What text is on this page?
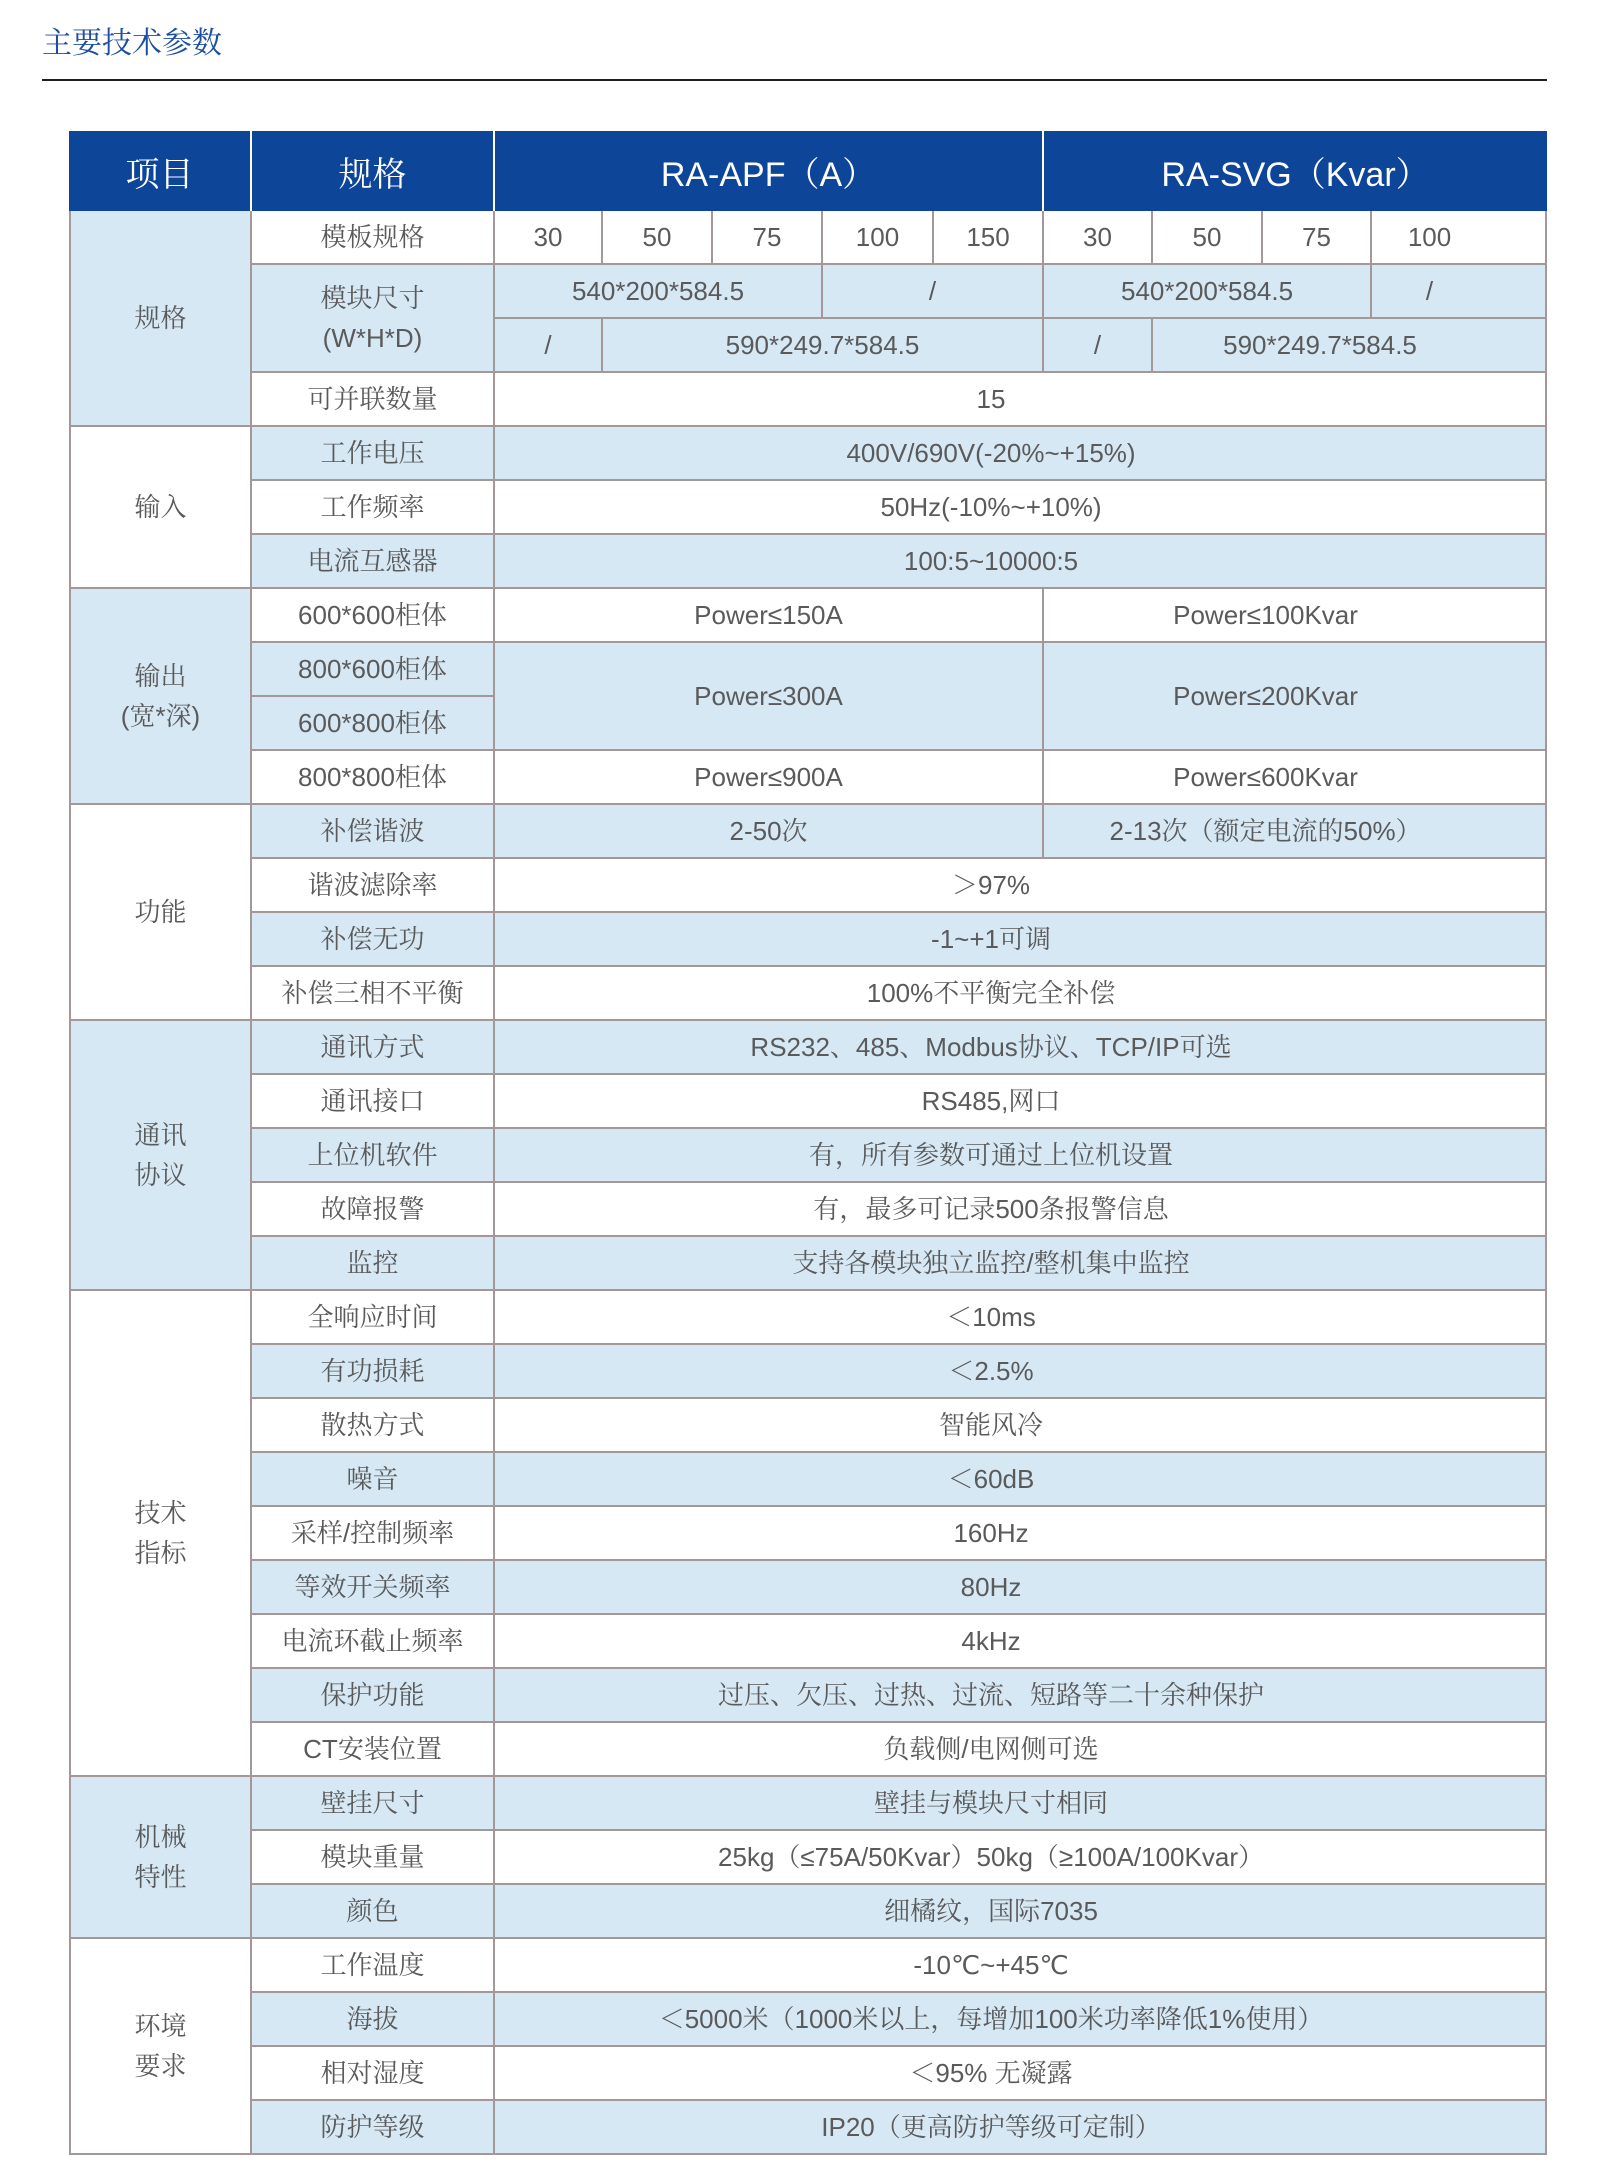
主要技术参数
项目	规格	RA-APF（A）					RA-SVG（Kvar）			

规格	模板规格	30	50	75	100	150	30	50	75	100

	模块尺寸
(W*H*D)	540*200*584.5			/		540*200*584.5			/
		/	590*249.7*584.5				/	590*249.7*584.5		
	可并联数量	15								

输入	工作电压	400V/690V(-20%~+15%)								
	工作频率	50Hz(-10%~+10%)								
	电流互感器	100:5~10000:5								

输出
(宽*深)	600*600柜体	Power≤150A					Power≤100Kvar			
	800*600柜体	Power≤300A					Power≤200Kvar			
	600*800柜体									
	800*800柜体	Power≤900A					Power≤600Kvar			

功能	补偿谐波	2-50次					2-13次（额定电流的50%）			
	谐波滤除率	＞97%								
	补偿无功	-1~+1可调								
	补偿三相不平衡	100%不平衡完全补偿								

通讯
协议	通讯方式	RS232、485、Modbus协议、TCP/IP可选								
	通讯接口	RS485,网口								
	上位机软件	有，所有参数可通过上位机设置								
	故障报警	有，最多可记录500条报警信息								
	监控	支持各模块独立监控/整机集中监控								

技术
指标	全响应时间	＜10ms								
	有功损耗	＜2.5%								
	散热方式	智能风冷								
	噪音	＜60dB								
	采样/控制频率	160Hz								
	等效开关频率	80Hz								
	电流环截止频率	4kHz								
	保护功能	过压、欠压、过热、过流、短路等二十余种保护								
	CT安装位置	负载侧/电网侧可选								

机械
特性	壁挂尺寸	壁挂与模块尺寸相同								
	模块重量	25kg（≤75A/50Kvar）50kg（≥100A/100Kvar）								
	颜色	细橘纹，国际7035								

环境
要求	工作温度	-10℃~+45℃								
	海拔	＜5000米（1000米以上，每增加100米功率降低1%使用）								
	相对湿度	＜95% 无凝露								
	防护等级	IP20（更高防护等级可定制）								
